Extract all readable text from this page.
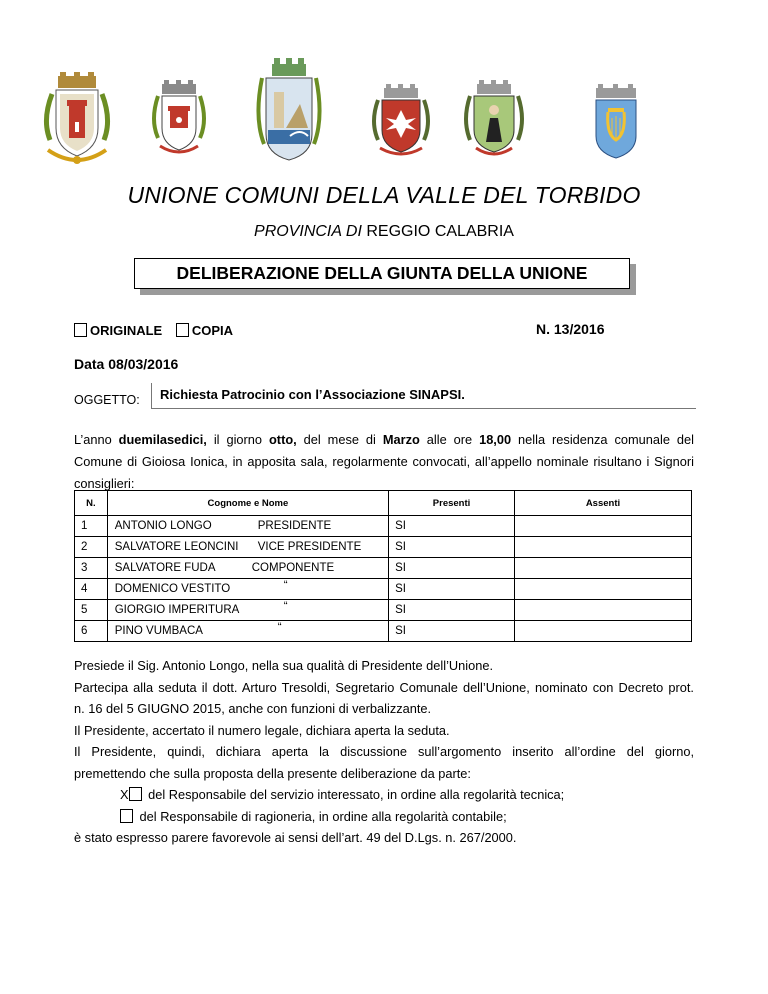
UNIONE COMUNI DELLA VALLE DEL TORBIDO
PROVINCIA DI REGGIO CALABRIA
DELIBERAZIONE DELLA GIUNTA DELLA UNIONE
ORIGINALE COPIA	N. 13/2016
Data 08/03/2016
OGGETTO: Richiesta Patrocinio con l’Associazione SINAPSI.
L’anno duemilasedici, il giorno otto, del mese di Marzo alle ore 18,00 nella residenza comunale del Comune di Gioiosa Ionica, in apposita sala, regolarmente convocati, all’appello nominale risultano i Signori consiglieri:
N.	Cognome e Nome	Presenti	Assenti
1	ANTONIO LONGO PRESIDENTE	SI	
2	SALVATORE LEONCINI VICE PRESIDENTE	SI	
3	SALVATORE FUDA COMPONENTE	SI	
4	DOMENICO VESTITO “	SI	
5	GIORGIO IMPERITURA “	SI	
6	PINO VUMBACA “	SI	
Presiede il Sig. Antonio Longo, nella sua qualità di Presidente dell’Unione.
Partecipa alla seduta il dott. Arturo Tresoldi, Segretario Comunale dell’Unione, nominato con Decreto prot.
n. 16 del 5 GIUGNO 2015, anche con funzioni di verbalizzante.
Il Presidente, accertato il numero legale, dichiara aperta la seduta.
Il Presidente, quindi, dichiara aperta la discussione sull’argomento inserito all’ordine del giorno,
premettendo che sulla proposta della presente deliberazione da parte:
X del Responsabile del servizio interessato, in ordine alla regolarità tecnica;
del Responsabile di ragioneria, in ordine alla regolarità contabile;
è stato espresso parere favorevole ai sensi dell’art. 49 del D.Lgs. n. 267/2000.
